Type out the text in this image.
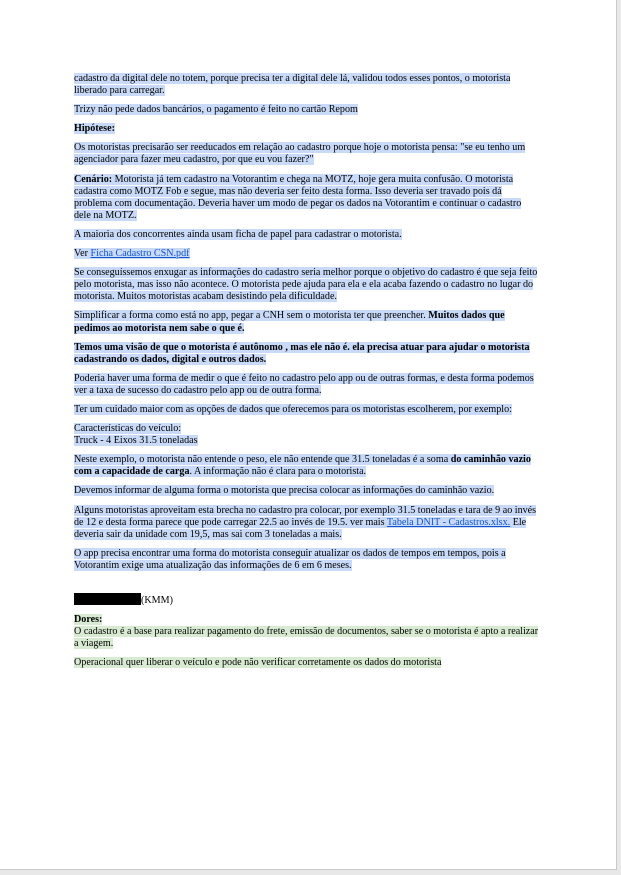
cadastro da digital dele no totem, porque precisa ter a digital dele lá, validou todos esses pontos, o motorista liberado para carregar.

Trizy não pede dados bancários, o pagamento é feito no cartão Repom

Hipótese:

Os motoristas precisarão ser reeducados em relação ao cadastro porque hoje o motorista pensa: "se eu tenho um agenciador para fazer meu cadastro, por que eu vou fazer?"

Cenário: Motorista já tem cadastro na Votorantim e chega na MOTZ, hoje gera muita confusão. O motorista cadastra como MOTZ Fob e segue, mas não deveria ser feito desta forma. Isso deveria ser travado pois dá problema com documentação. Deveria haver um modo de pegar os dados na Votorantim e continuar o cadastro dele na MOTZ.

A maioria dos concorrentes ainda usam ficha de papel para cadastrar o motorista.

Ver Ficha Cadastro CSN.pdf

Se conseguíssemos enxugar as informações do cadastro seria melhor porque o objetivo do cadastro é que seja feito pelo motorista, mas isso não acontece. O motorista pede ajuda para ela e ela acaba fazendo o cadastro no lugar do motorista. Muitos motoristas acabam desistindo pela dificuldade.

Simplificar a forma como está no app, pegar a CNH sem o motorista ter que preencher. Muitos dados que pedimos ao motorista nem sabe o que é.

Temos uma visão de que o motorista é autônomo , mas ele não é. ela precisa atuar para ajudar o motorista cadastrando os dados, digital e outros dados.

Poderia haver uma forma de medir o que é feito no cadastro pelo app ou de outras formas, e desta forma podemos ver a taxa de sucesso do cadastro pelo app ou de outra forma.

Ter um cuidado maior com as opções de dados que oferecemos para os motoristas escolherem, por exemplo:

Características do veículo:
Truck - 4 Eixos 31.5 toneladas

Neste exemplo, o motorista não entende o peso, ele não entende que 31.5 toneladas é a soma do caminhão vazio com a capacidade de carga. A informação não é clara para o motorista.

Devemos informar de alguma forma o motorista que precisa colocar as informações do caminhão vazio.

Alguns motoristas aproveitam esta brecha no cadastro pra colocar, por exemplo 31.5 toneladas e tara de 9 ao invés de 12 e desta forma parece que pode carregar 22.5 ao invés de 19.5. ver mais Tabela DNIT - Cadastros.xlsx. Ele deveria sair da unidade com 19,5, mas sai com 3 toneladas a mais.

O app precisa encontrar uma forma do motorista conseguir atualizar os dados de tempos em tempos, pois a Votorantim exige uma atualização das informações de 6 em 6 meses.

(KMM)

Dores:
O cadastro é a base para realizar pagamento do frete, emissão de documentos, saber se o motorista é apto a realizar a viagem.

Operacional quer liberar o veículo e pode não verificar corretamente os dados do motorista
